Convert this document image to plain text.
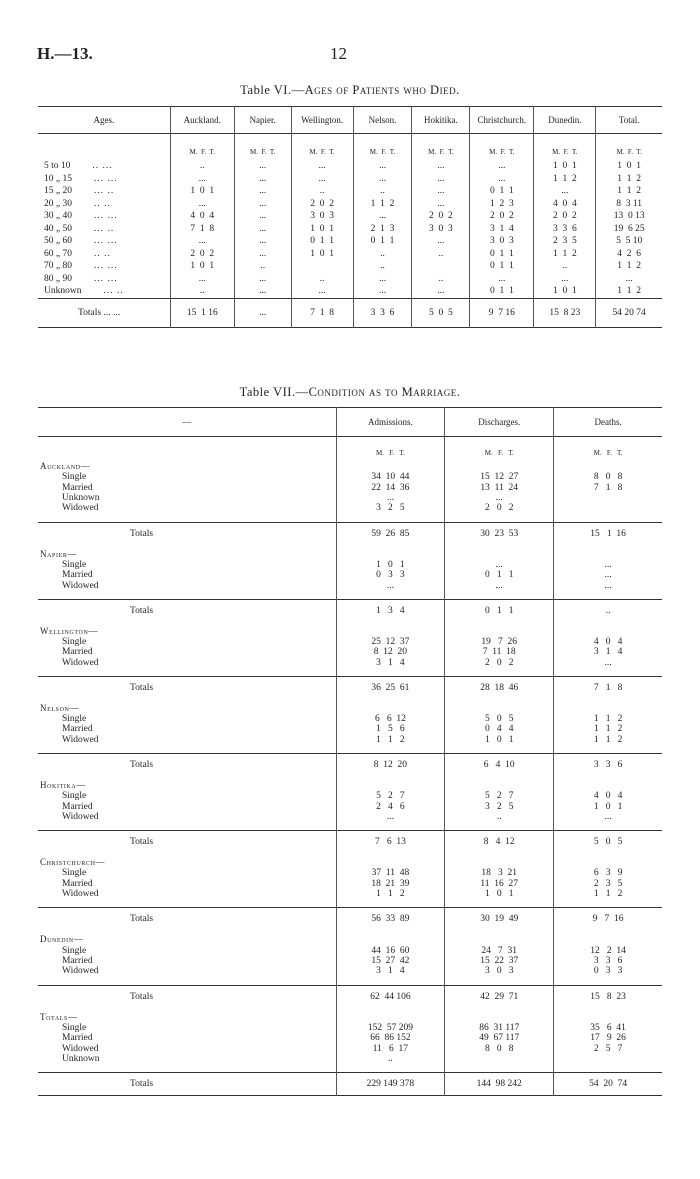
H.—13.	12
Table VI.—Ages of Patients who Died.
Ages.	Auckland.	Napier.	Wellington.	Nelson.	Hokitika.	Christchurch.	Dunedin.	Total.
	M.  F.  T.	M.  F.  T.	M.  F.  T.	M.  F.  T.	M.  F.  T.	M.  F.  T.	M.  F.  T.	M.  F.  T.

5 to 10 .. ...	..	...	...	...	...	...	1  0  1	1  0  1
10 „ 15 ... ...	...	...	...	...	...	...	1  1  2	1  1  2
15 „ 20 ... ..	1  0  1	...	..	..	...	0  1  1	...	1  1  2
20 „ 30 .. ..	...	...	2  0  2	1  1  2	...	1  2  3	4  0  4	8  3 11
30 „ 40 ... ...	4  0  4	...	3  0  3	...	2  0  2	2  0  2	2  0  2	13  0 13
40 „ 50 ... ..	7  1  8	...	1  0  1	2  1  3	3  0  3	3  1  4	3  3  6	19  6 25
50 „ 60 ... ...	...	...	0  1  1	0  1  1	...	3  0  3	2  3  5	5  5 10
60 „ 70 .. ..	2  0  2	...	1  0  1	..	..	0  1  1	1  1  2	4  2  6
70 „ 80 ... ...	1  0  1	..		..		0  1  1	..	1  1  2
80 „ 90 ... ...	...	...	..	...	..	...	...	...
Unknown ... ..	..	...	...	...	...	0  1  1	1  0  1	1  1  2
Totals ... ...	15  1 16	...	7  1  8	3  3  6	5  0  5	9  7 16	15  8 23	54 20 74
Table VII.—Condition as to Marriage.
—	Admissions.	Discharges.	Deaths.
	M.   F.   T.	M.   F.   T.	M.   F.   T.
Auckland—			
Single	34  10  44	15  12  27	8   0   8
Married	22  14  36	13  11  24	7   1   8
Unknown	...	...	
Widowed	3   2   5	2   0   2	

Totals	59  26  85	30  23  53	15   1  16
Napier—			
Single	1   0   1	...	...
Married	0   3   3	0   1   1	...
Widowed	...	...	...

Totals	1   3   4	0   1   1	..
Wellington—			
Single	25  12  37	19   7  26	4   0   4
Married	8  12  20	7  11  18	3   1   4
Widowed	3   1   4	2   0   2	...

Totals	36  25  61	28  18  46	7   1   8
Nelson—			
Single	6   6  12	5   0   5	1   1   2
Married	1   5   6	0   4   4	1   1   2
Widowed	1   1   2	1   0   1	1   1   2

Totals	8  12  20	6   4  10	3   3   6
Hokitika—			
Single	5   2   7	5   2   7	4   0   4
Married	2   4   6	3   2   5	1   0   1
Widowed	...	..	...

Totals	7   6  13	8   4  12	5   0   5
Christchurch—			
Single	37  11  48	18   3  21	6   3   9
Married	18  21  39	11  16  27	2   3   5
Widowed	1   1   2	1   0   1	1   1   2

Totals	56  33  89	30  19  49	9   7  16
Dunedin—			
Single	44  16  60	24   7  31	12   2  14
Married	15  27  42	15  22  37	3   3   6
Widowed	3   1   4	3   0   3	0   3   3

Totals	62  44 106	42  29  71	15   8  23
Totals—			
Single	152  57 209	86  31 117	35   6  41
Married	66  86 152	49  67 117	17   9  26
Widowed	11   6  17	8   0   8	2   5   7
Unknown	..		

Totals	229 149 378	144  98 242	54  20  74
